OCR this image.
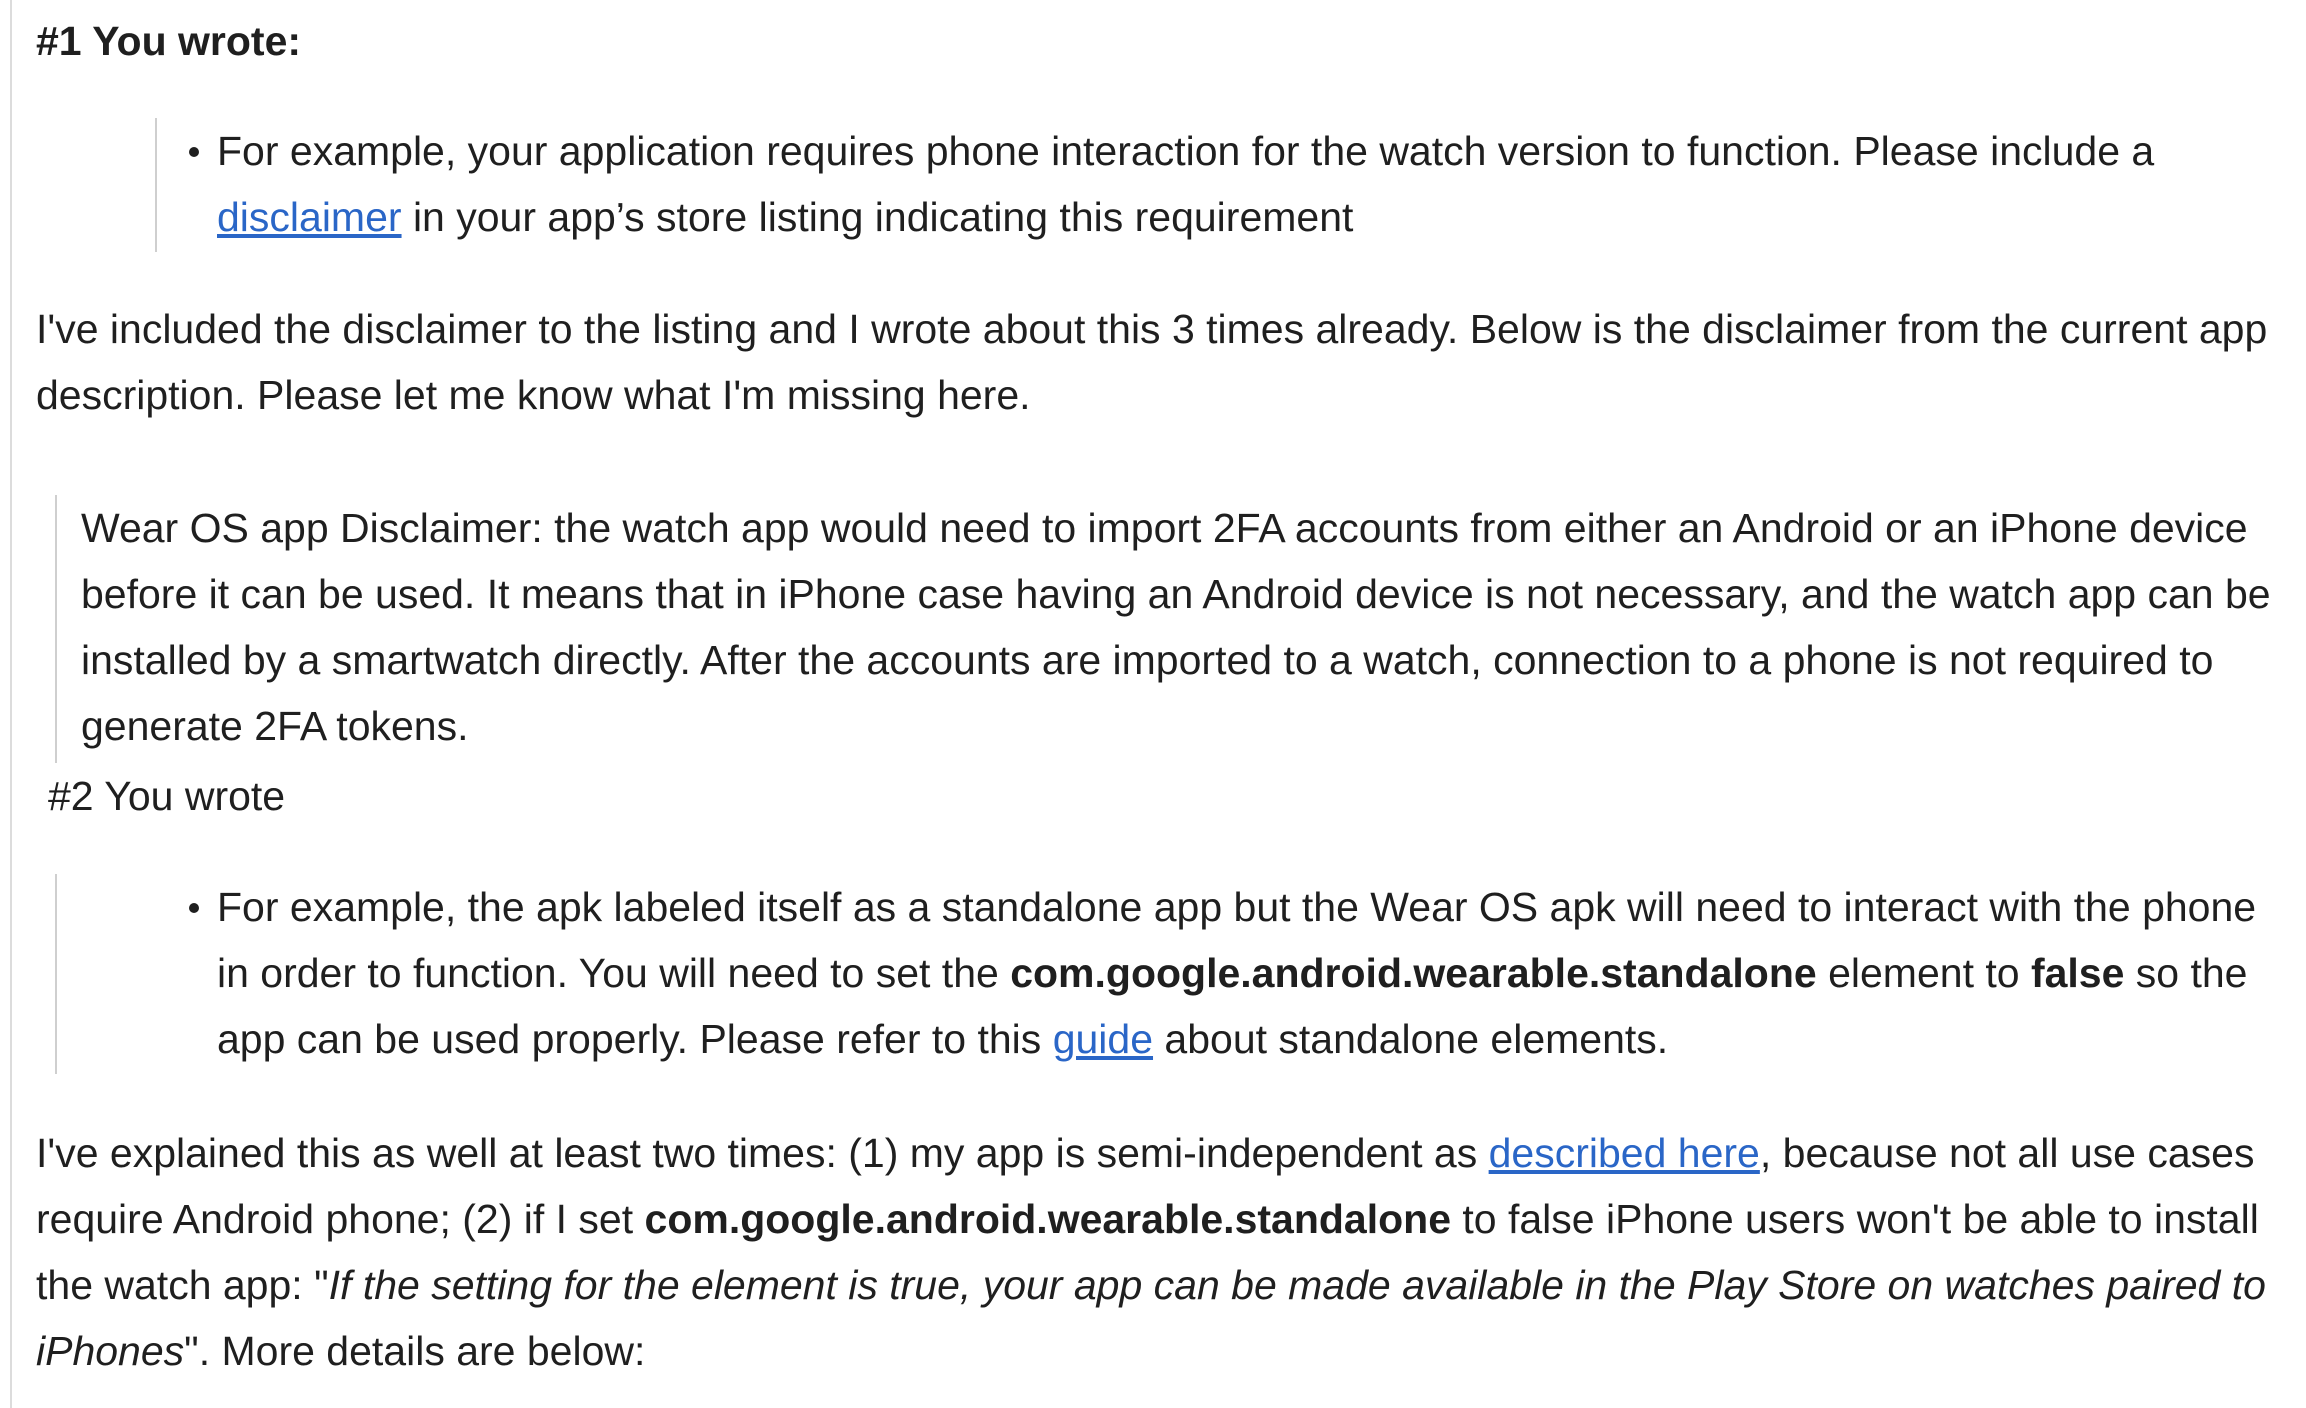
#1 You wrote:
For example, your application requires phone interaction for the watch version to function. Please include a disclaimer in your app’s store listing indicating this requirement
I've included the disclaimer to the listing and I wrote about this 3 times already. Below is the disclaimer from the current app description. Please let me know what I'm missing here.
Wear OS app Disclaimer: the watch app would need to import 2FA accounts from either an Android or an iPhone device before it can be used. It means that in iPhone case having an Android device is not necessary, and the watch app can be installed by a smartwatch directly. After the accounts are imported to a watch, connection to a phone is not required to generate 2FA tokens.
#2 You wrote
For example, the apk labeled itself as a standalone app but the Wear OS apk will need to interact with the phone in order to function. You will need to set the com.google.android.wearable.standalone element to false so the app can be used properly. Please refer to this guide about standalone elements.
I've explained this as well at least two times: (1) my app is semi-independent as described here, because not all use cases require Android phone; (2) if I set com.google.android.wearable.standalone to false iPhone users won't be able to install the watch app: "If the setting for the element is true, your app can be made available in the Play Store on watches paired to iPhones". More details are below:
